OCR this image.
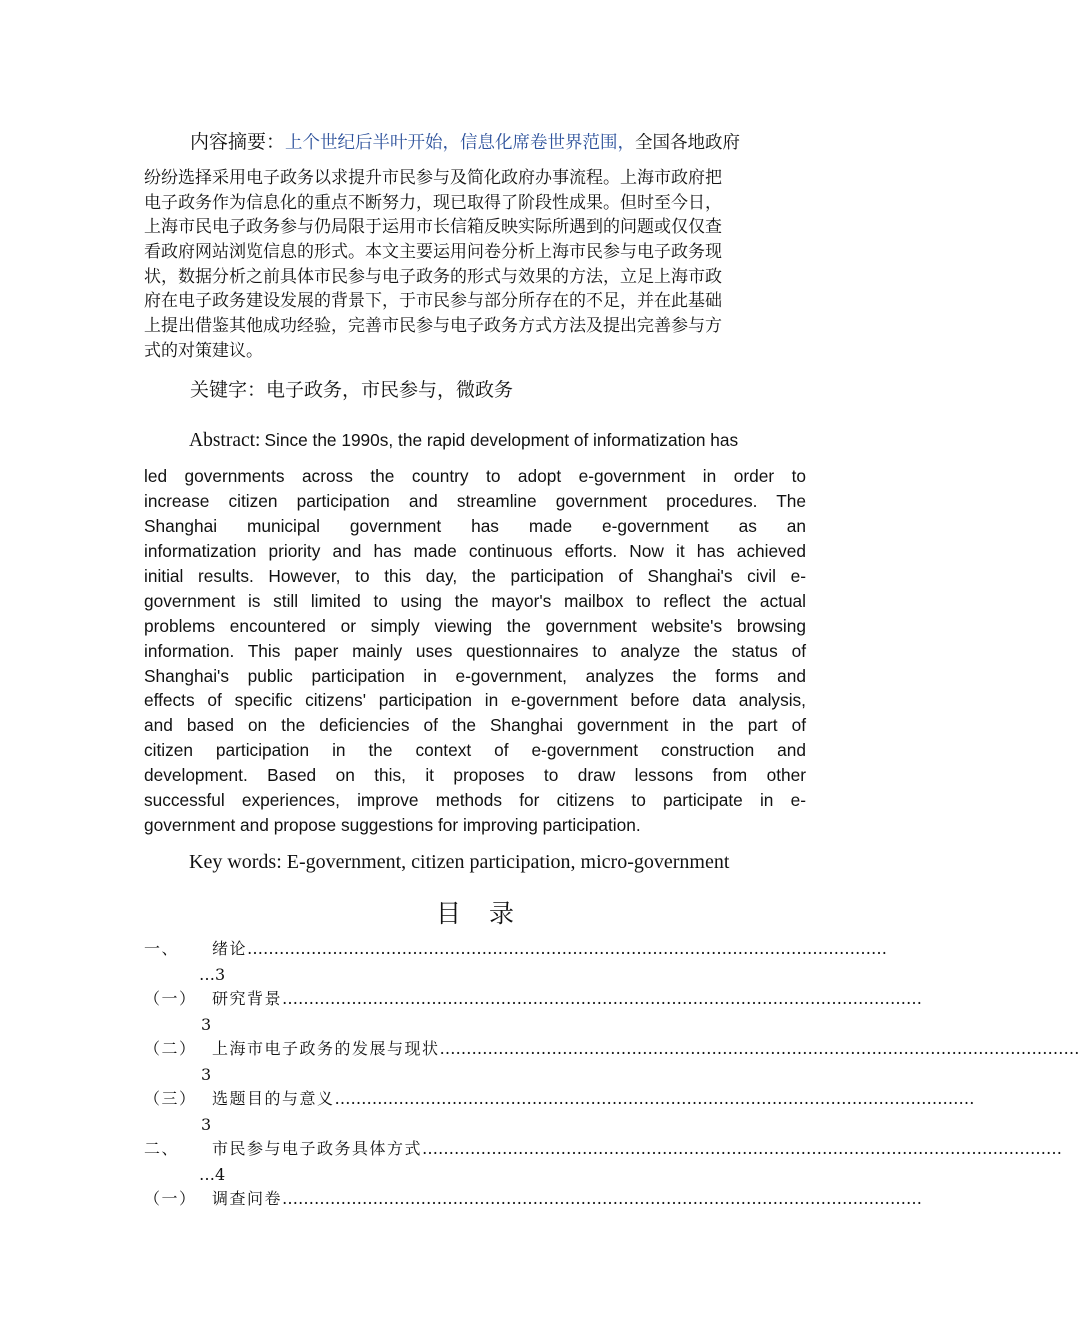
内容摘要：上个世纪后半叶开始，信息化席卷世界范围，全国各地政府
纷纷选择采用电子政务以求提升市民参与及简化政府办事流程。上海市政府把
电子政务作为信息化的重点不断努力，现已取得了阶段性成果。但时至今日，
上海市民电子政务参与仍局限于运用市长信箱反映实际所遇到的问题或仅仅查
看政府网站浏览信息的形式。本文主要运用问卷分析上海市民参与电子政务现
状，数据分析之前具体市民参与电子政务的形式与效果的方法，立足上海市政
府在电子政务建设发展的背景下，于市民参与部分所存在的不足，并在此基础
上提出借鉴其他成功经验，完善市民参与电子政务方式方法及提出完善参与方
式的对策建议。
关键字：电子政务，市民参与，微政务
Abstract: Since the 1990s, the rapid development of informatization has
led governments across the country to adopt e-government in order to
increase citizen participation and streamline government procedures. The
Shanghai municipal government has made e-government as an
informatization priority and has made continuous efforts. Now it has achieved
initial results. However, to this day, the participation of Shanghai's civil e-
government is still limited to using the mayor's mailbox to reflect the actual
problems encountered or simply viewing the government website's browsing
information. This paper mainly uses questionnaires to analyze the status of
Shanghai's public participation in e-government, analyzes the forms and
effects of specific citizens' participation in e-government before data analysis,
and based on the deficiencies of the Shanghai government in the part of
citizen participation in the context of e-government construction and
development. Based on this, it proposes to draw lessons from other
successful experiences, improve methods for citizens to participate in e-
government and propose suggestions for improving participation.
Key words: E-government, citizen participation, micro-government
目录
一、 绪论…………………………………………………………………………………………………………
…3
（一） 研究背景…………………………………………………………………………………………………………
3
（二） 上海市电子政务的发展与现状…………………………………………………………………………………………………………
3
（三） 选题目的与意义…………………………………………………………………………………………………………
3
二、 市民参与电子政务具体方式…………………………………………………………………………………………………………
…4
（一） 调查问卷…………………………………………………………………………………………………………
